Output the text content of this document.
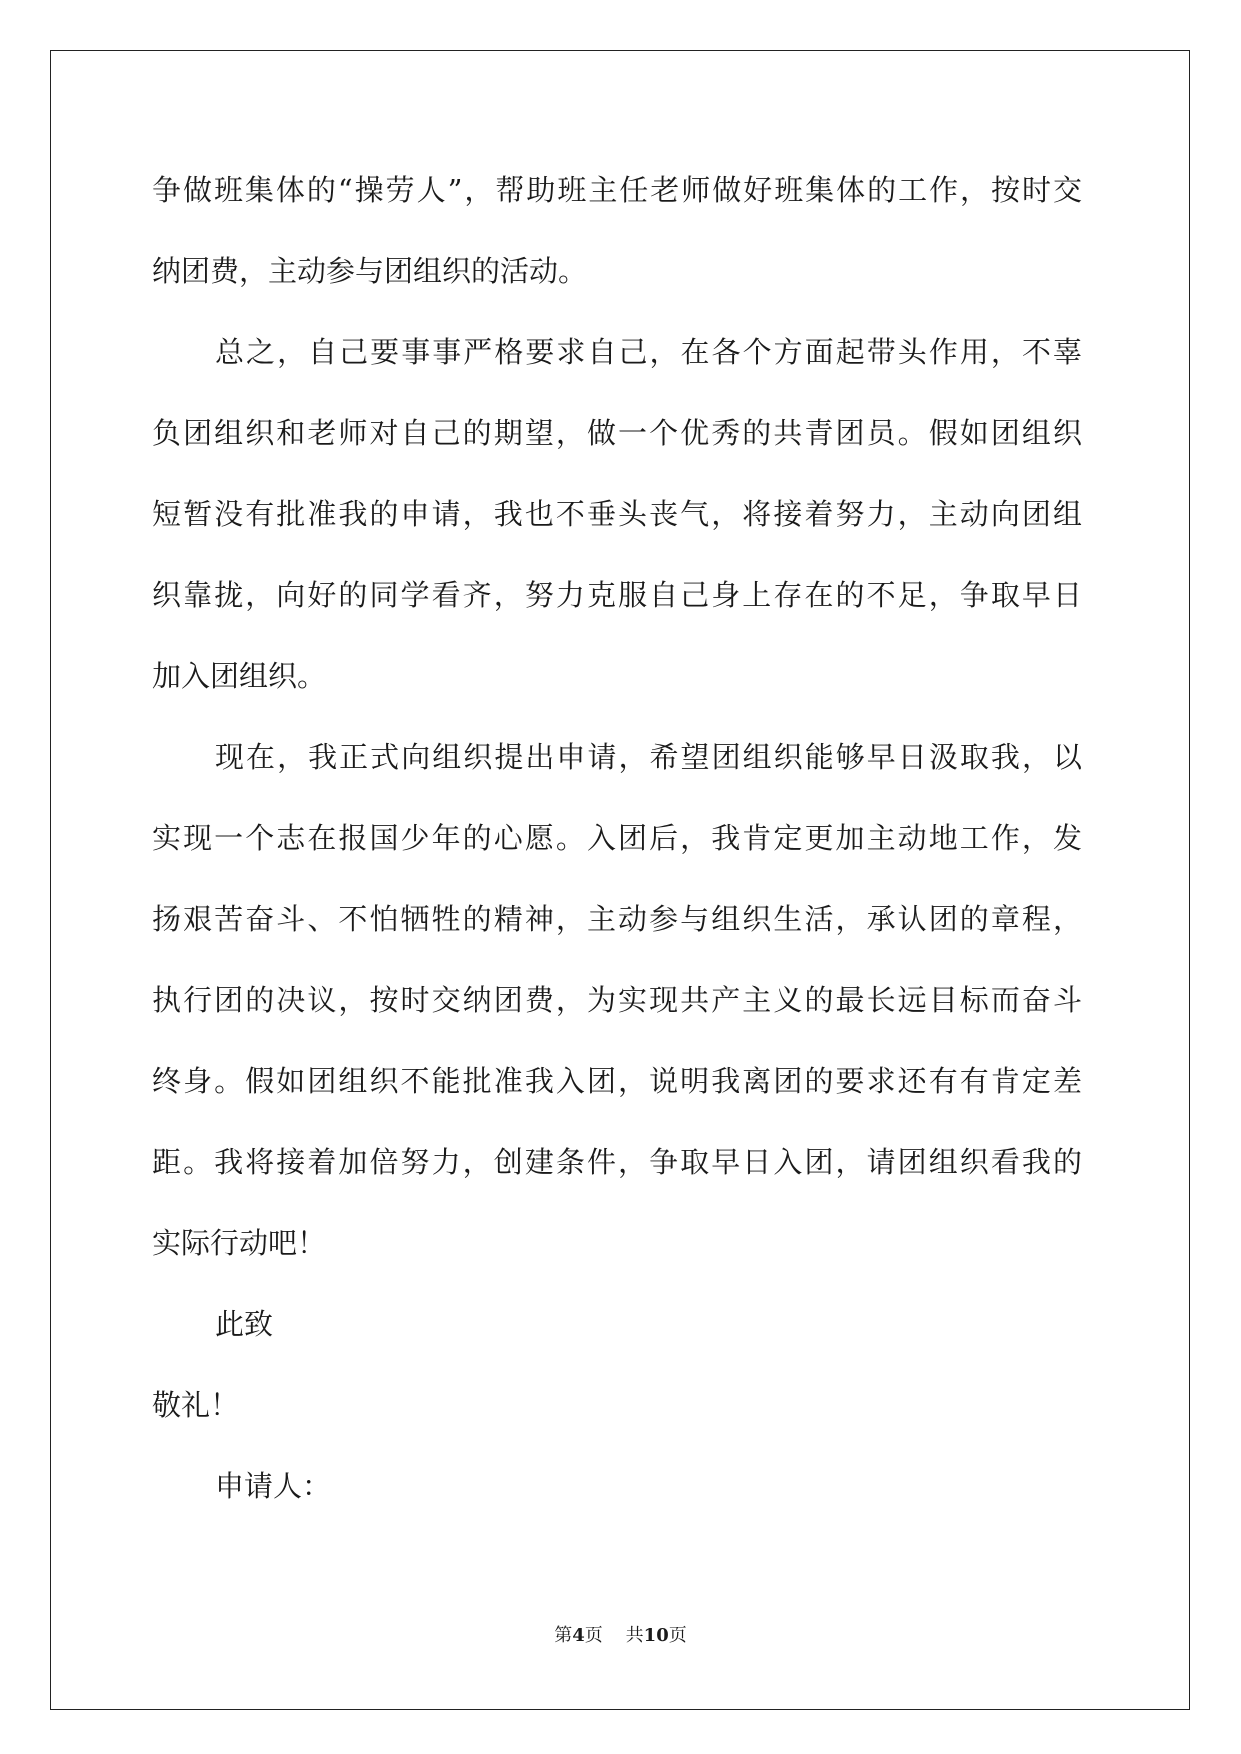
争做班集体的“操劳人”，帮助班主任老师做好班集体的工作，按时交
纳团费，主动参与团组织的活动。
总之，自己要事事严格要求自己，在各个方面起带头作用，不辜
负团组织和老师对自己的期望，做一个优秀的共青团员。假如团组织
短暂没有批准我的申请，我也不垂头丧气，将接着努力，主动向团组
织靠拢，向好的同学看齐，努力克服自己身上存在的不足，争取早日
加入团组织。
现在，我正式向组织提出申请，希望团组织能够早日汲取我，以
实现一个志在报国少年的心愿。入团后，我肯定更加主动地工作，发
扬艰苦奋斗、不怕牺牲的精神，主动参与组织生活，承认团的章程，
执行团的决议，按时交纳团费，为实现共产主义的最长远目标而奋斗
终身。假如团组织不能批准我入团，说明我离团的要求还有有肯定差
距。我将接着加倍努力，创建条件，争取早日入团，请团组织看我的
实际行动吧！
此致
敬礼！
申请人：
第4页 共10页
